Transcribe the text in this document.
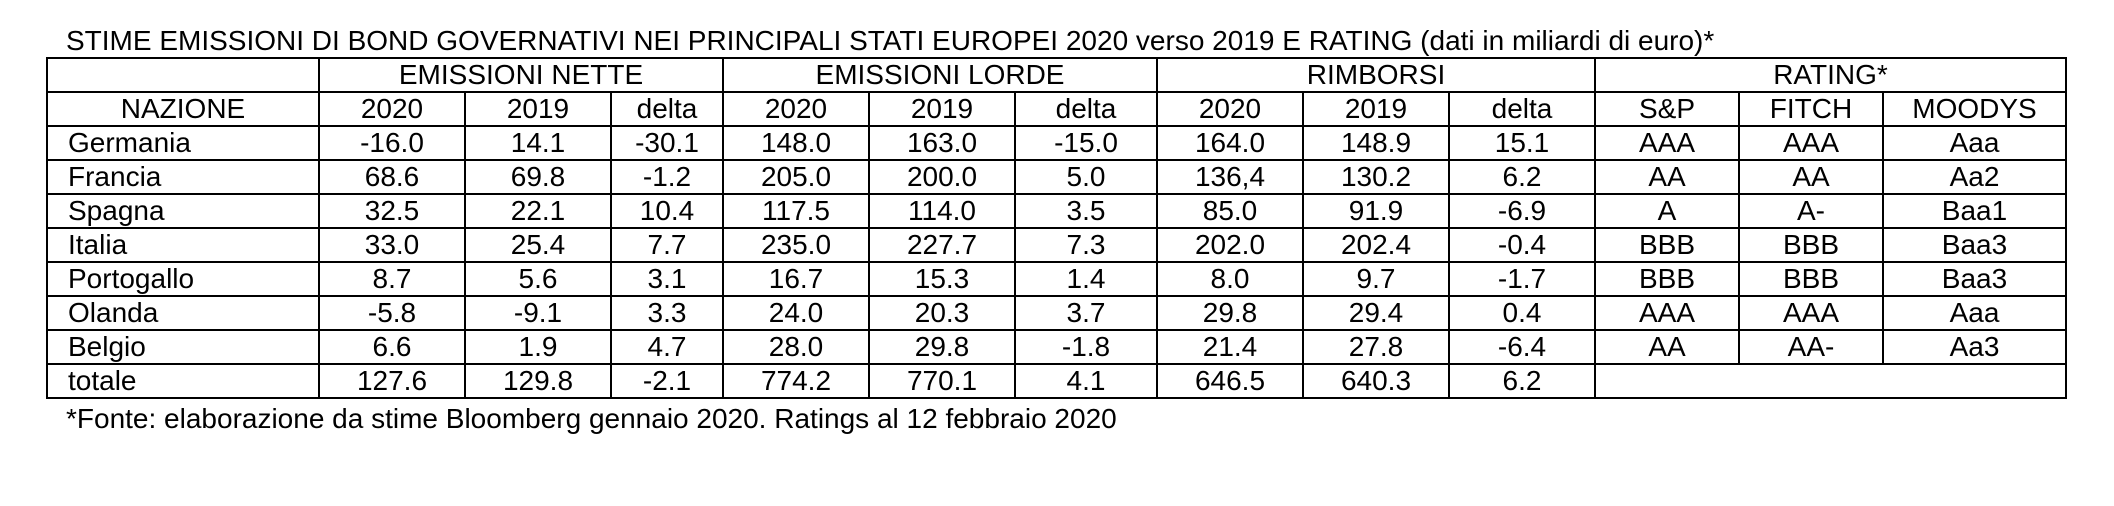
STIME EMISSIONI DI BOND GOVERNATIVI NEI PRINCIPALI STATI EUROPEI 2020 verso 2019 E RATING (dati in miliardi di euro)*
	EMISSIONI NETTE			EMISSIONI LORDE			RIMBORSI			RATING*		
NAZIONE	2020	2019	delta	2020	2019	delta	2020	2019	delta	S&P	FITCH	MOODYS
Germania	-16.0	14.1	-30.1	148.0	163.0	-15.0	164.0	148.9	15.1	AAA	AAA	Aaa
Francia	68.6	69.8	-1.2	205.0	200.0	5.0	136,4	130.2	6.2	AA	AA	Aa2
Spagna	32.5	22.1	10.4	117.5	114.0	3.5	85.0	91.9	-6.9	A	A-	Baa1
Italia	33.0	25.4	7.7	235.0	227.7	7.3	202.0	202.4	-0.4	BBB	BBB	Baa3
Portogallo	8.7	5.6	3.1	16.7	15.3	1.4	8.0	9.7	-1.7	BBB	BBB	Baa3
Olanda	-5.8	-9.1	3.3	24.0	20.3	3.7	29.8	29.4	0.4	AAA	AAA	Aaa
Belgio	6.6	1.9	4.7	28.0	29.8	-1.8	21.4	27.8	-6.4	AA	AA-	Aa3
totale	127.6	129.8	-2.1	774.2	770.1	4.1	646.5	640.3	6.2			
*Fonte: elaborazione da stime Bloomberg gennaio 2020. Ratings al 12 febbraio 2020
